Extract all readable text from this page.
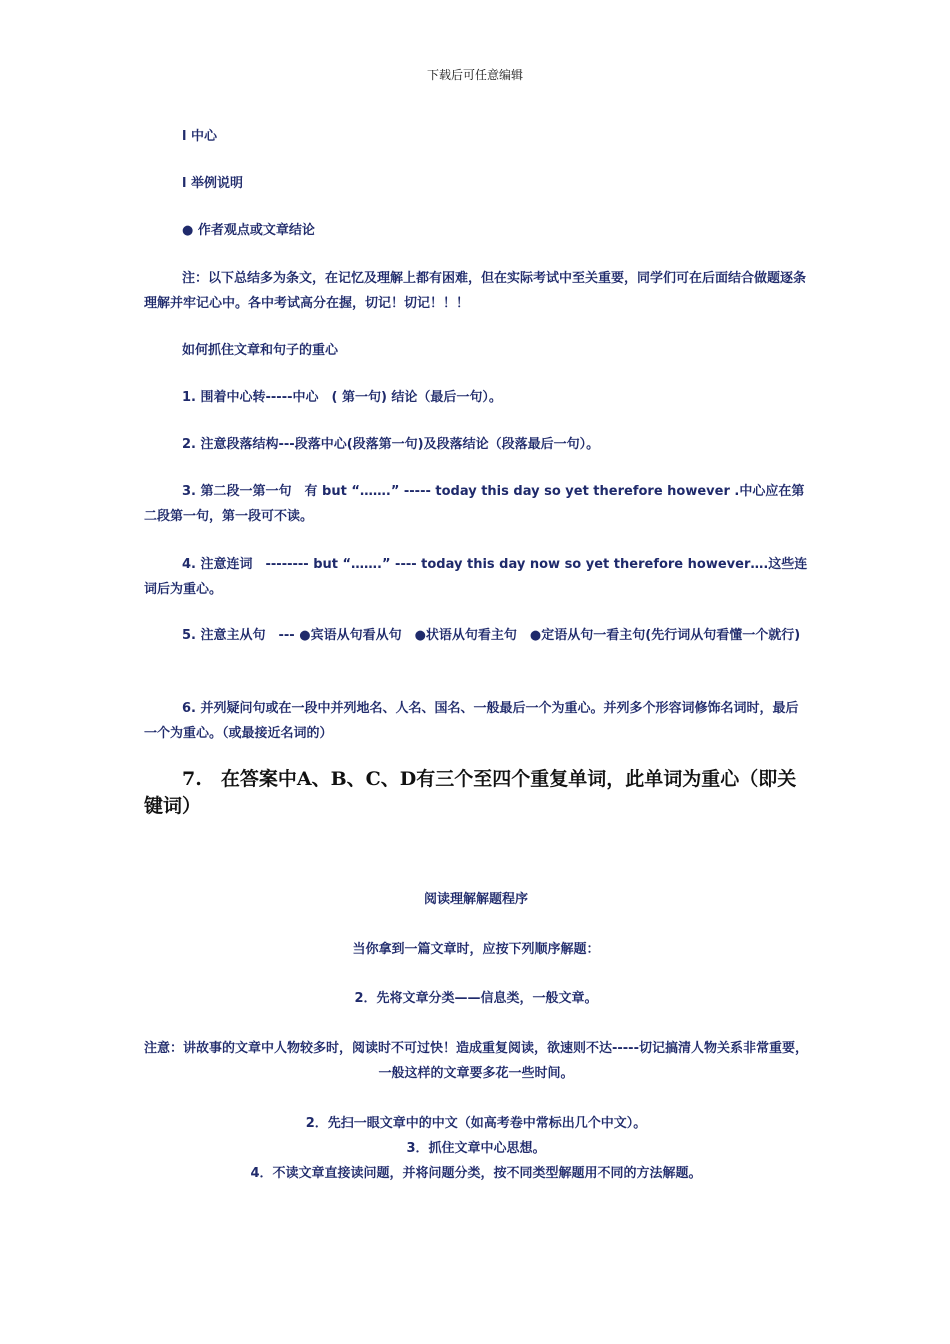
下载后可任意编辑
l 中心
l 举例说明
● 作者观点或文章结论
注：以下总结多为条文，在记忆及理解上都有困难，但在实际考试中至关重要，同学们可在后面结合做题逐条理解并牢记心中。各中考试高分在握，切记！切记！！！
如何抓住文章和句子的重心
1. 围着中心转-----中心　( 第一句) 结论（最后一句）。
2. 注意段落结构---段落中心(段落第一句)及段落结论（段落最后一句）。
3. 第二段一第一句　有 but “…….” ----- today this day so yet therefore however .中心应在第二段第一句，第一段可不读。
4. 注意连词　-------- but “…….” ---- today this day now so yet therefore however….这些连词后为重心。
5. 注意主从句　--- ●宾语从句看从句　●状语从句看主句　●定语从句一看主句(先行词从句看懂一个就行)
6. 并列疑问句或在一段中并列地名、人名、国名、一般最后一个为重心。并列多个形容词修饰名词时，最后一个为重心。（或最接近名词的）
7.　在答案中A、B、C、D有三个至四个重复单词，此单词为重心（即关键词）
阅读理解解题程序
当你拿到一篇文章时，应按下列顺序解题：
2．先将文章分类——信息类，一般文章。
注意：讲故事的文章中人物较多时，阅读时不可过快！造成重复阅读，欲速则不达-----切记搞清人物关系非常重要，一般这样的文章要多花一些时间。
2．先扫一眼文章中的中文（如高考卷中常标出几个中文）。
3．抓住文章中心思想。
4．不读文章直接读问题，并将问题分类，按不同类型解题用不同的方法解题。
